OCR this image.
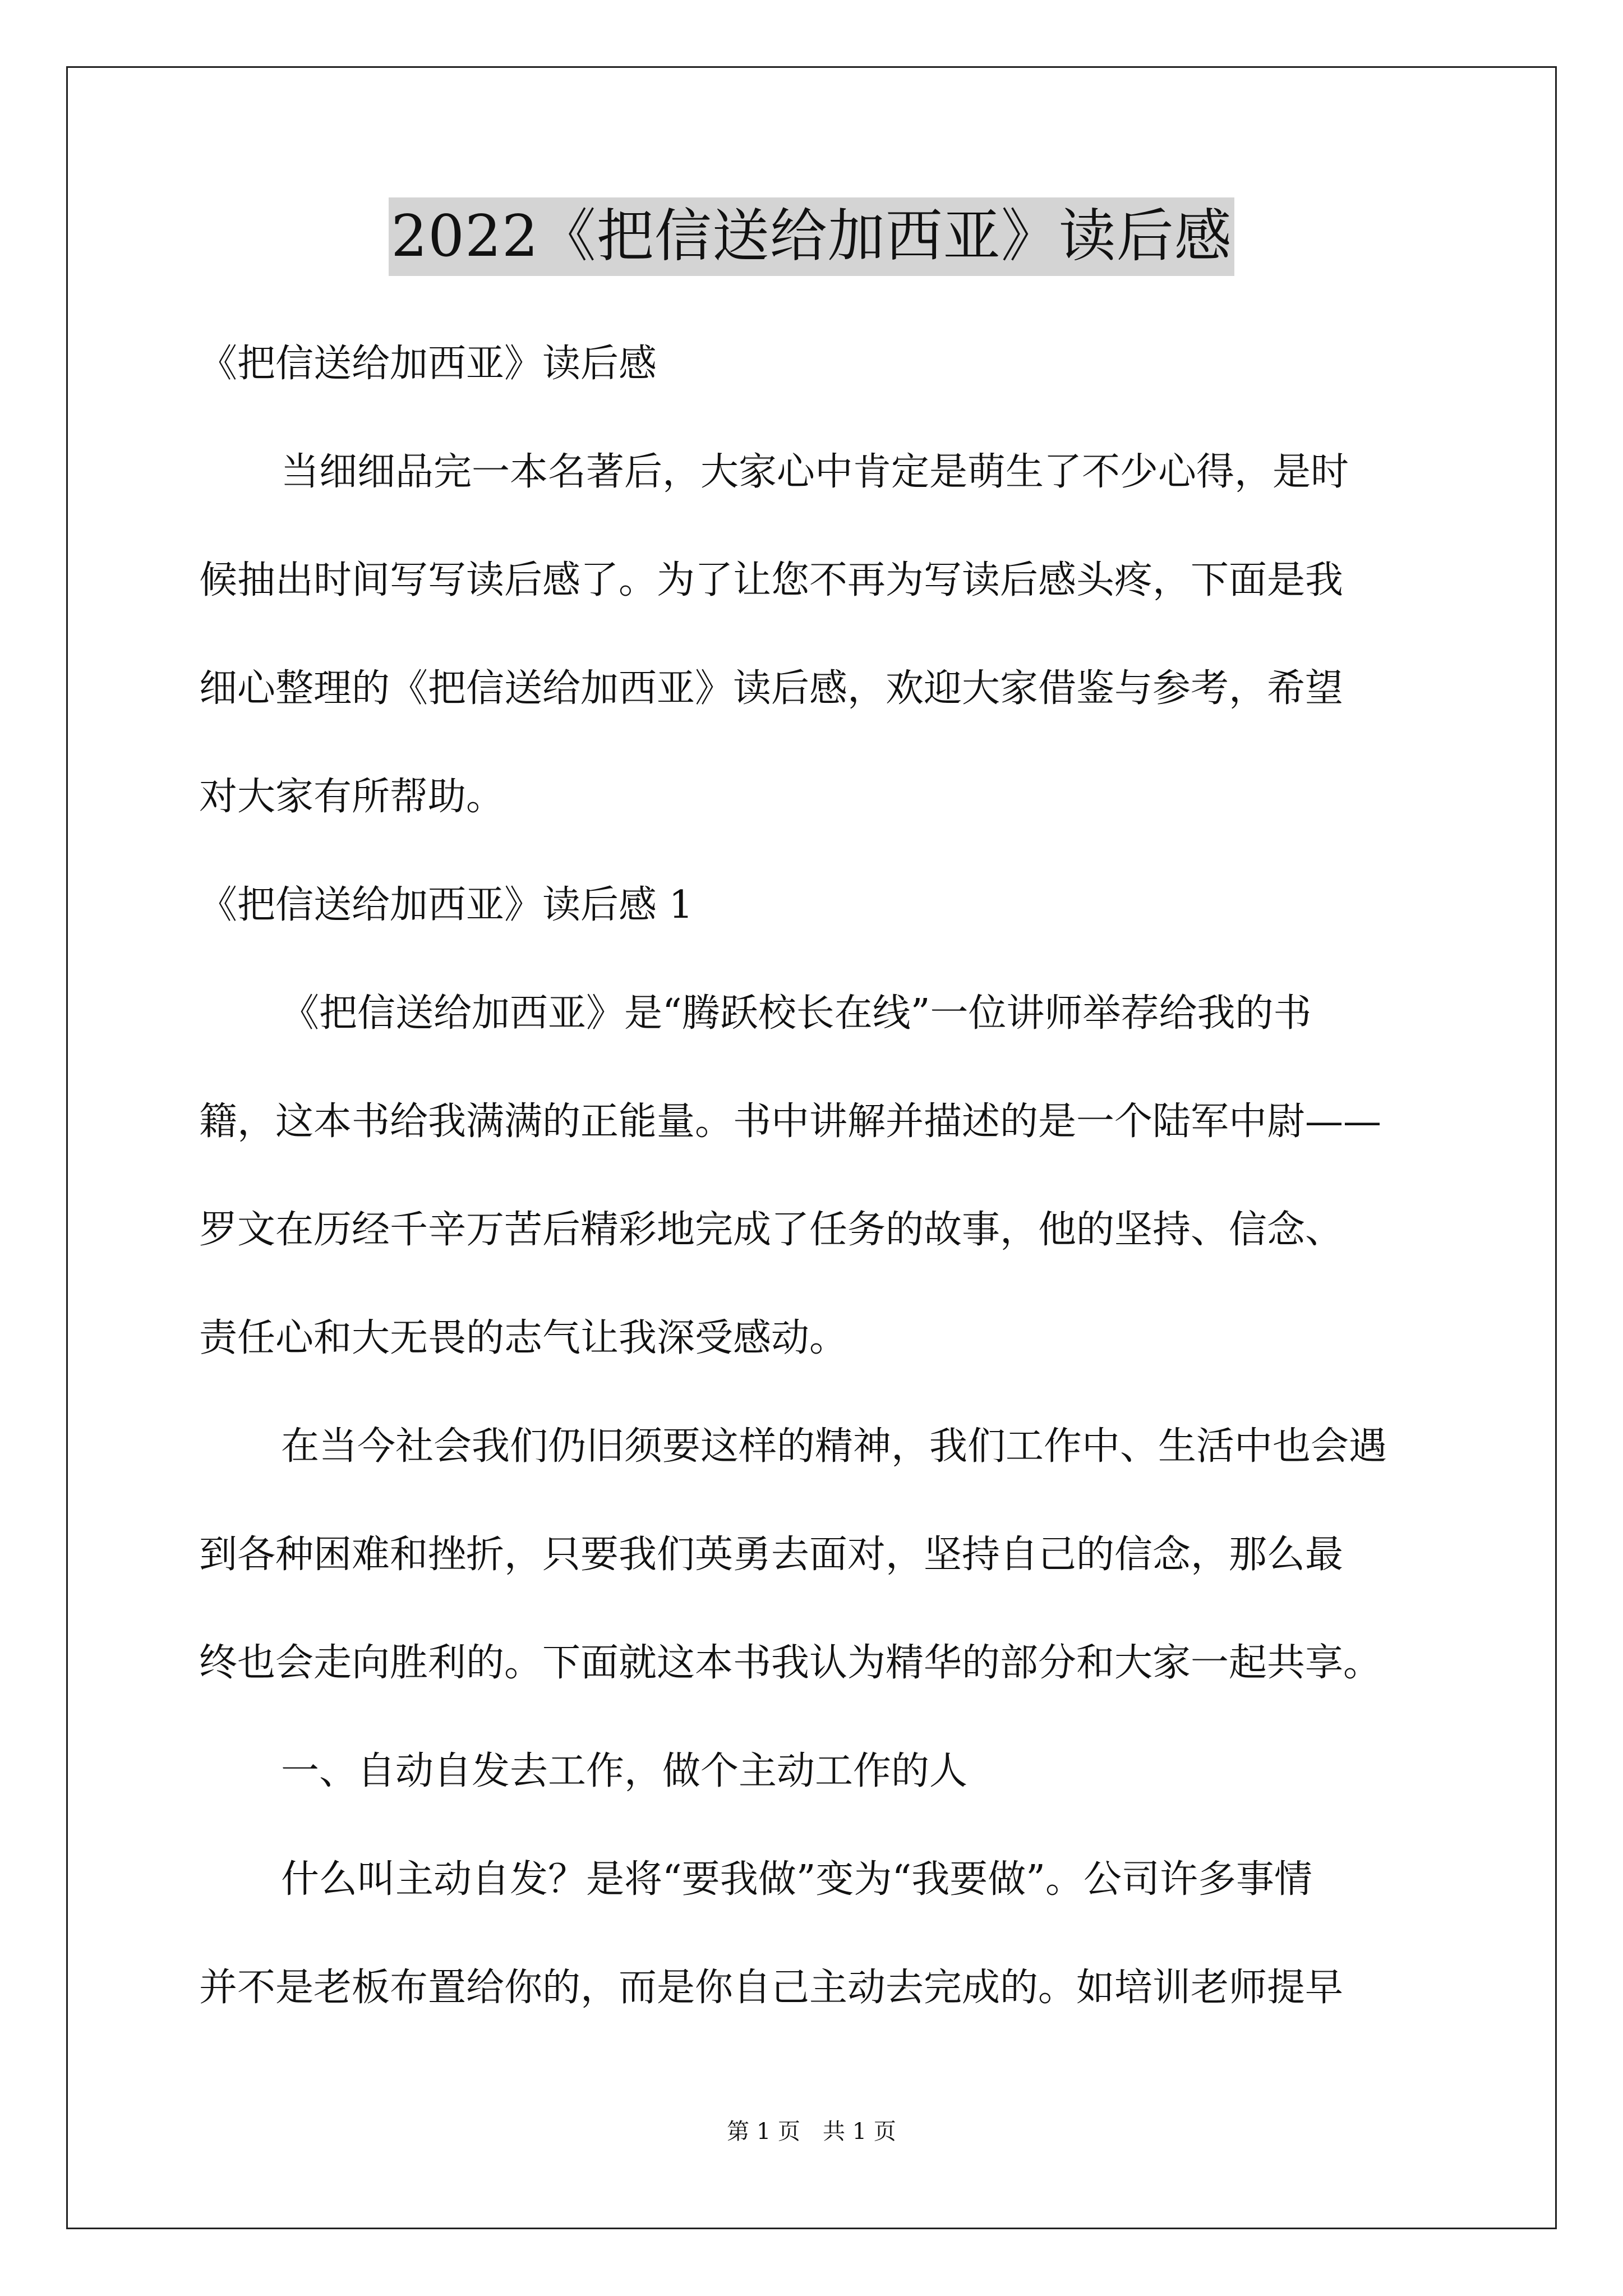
2022《把信送给加西亚》读后感
《把信送给加西亚》读后感
当细细品完一本名著后，大家心中肯定是萌生了不少心得，是时
候抽出时间写写读后感了。为了让您不再为写读后感头疼，下面是我
细心整理的《把信送给加西亚》读后感，欢迎大家借鉴与参考，希望
对大家有所帮助。
《把信送给加西亚》读后感 1
《把信送给加西亚》是“腾跃校长在线”一位讲师举荐给我的书
籍，这本书给我满满的正能量。书中讲解并描述的是一个陆军中尉——
罗文在历经千辛万苦后精彩地完成了任务的故事，他的坚持、信念、
责任心和大无畏的志气让我深受感动。
在当今社会我们仍旧须要这样的精神，我们工作中、生活中也会遇
到各种困难和挫折，只要我们英勇去面对，坚持自己的信念，那么最
终也会走向胜利的。下面就这本书我认为精华的部分和大家一起共享。
一、自动自发去工作，做个主动工作的人
什么叫主动自发？是将“要我做”变为“我要做”。公司许多事情
并不是老板布置给你的，而是你自己主动去完成的。如培训老师提早
第 1 页 共 1 页
